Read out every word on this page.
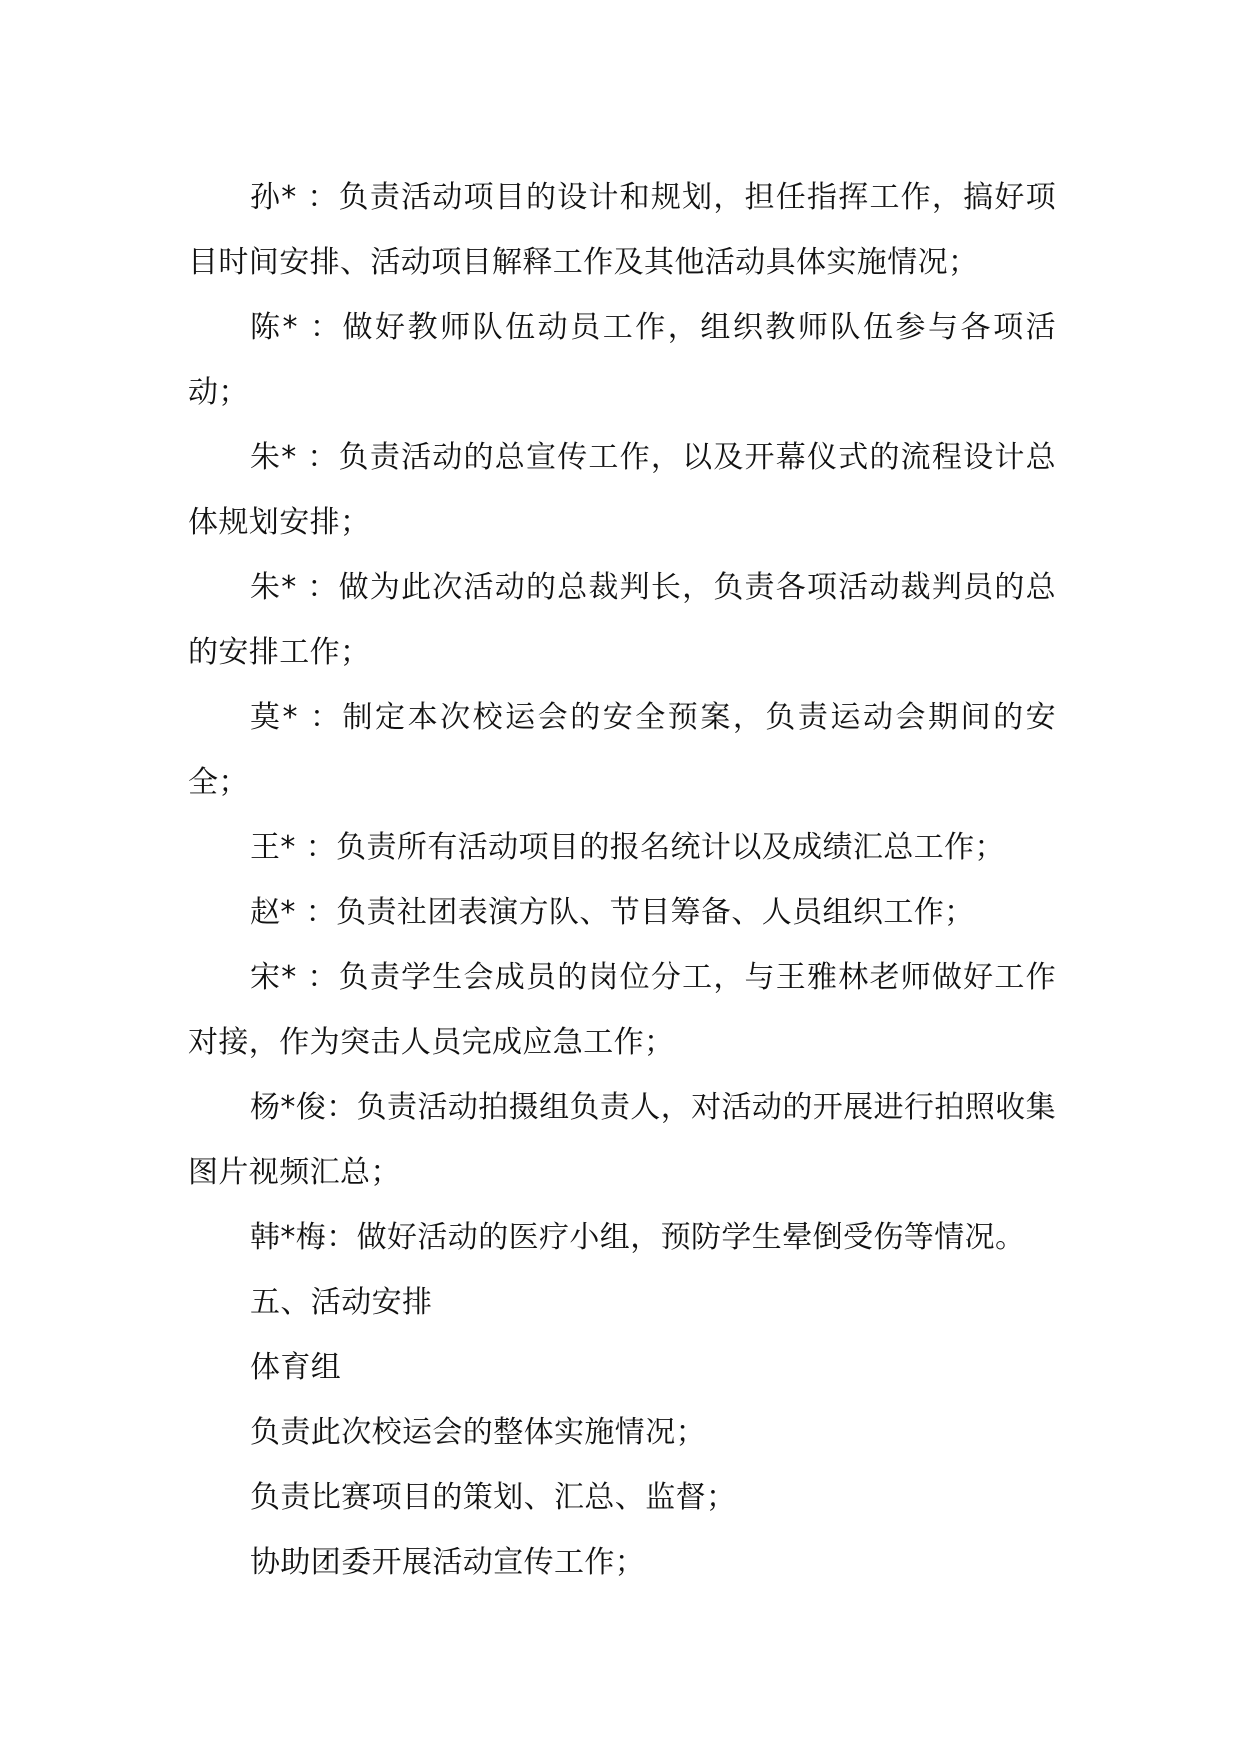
孙* ：负责活动项目的设计和规划，担任指挥工作，搞好项目时间安排、活动项目解释工作及其他活动具体实施情况；

陈* ：做好教师队伍动员工作，组织教师队伍参与各项活动；

朱* ：负责活动的总宣传工作，以及开幕仪式的流程设计总体规划安排；

朱* ：做为此次活动的总裁判长，负责各项活动裁判员的总的安排工作；

莫* ：制定本次校运会的安全预案，负责运动会期间的安全；

王* ：负责所有活动项目的报名统计以及成绩汇总工作；

赵* ：负责社团表演方队、节目筹备、人员组织工作；

宋* ：负责学生会成员的岗位分工，与王雅林老师做好工作对接，作为突击人员完成应急工作；

杨*俊：负责活动拍摄组负责人，对活动的开展进行拍照收集图片视频汇总；

韩*梅：做好活动的医疗小组，预防学生晕倒受伤等情况。

五、活动安排

体育组

负责此次校运会的整体实施情况；

负责比赛项目的策划、汇总、监督；

协助团委开展活动宣传工作；
